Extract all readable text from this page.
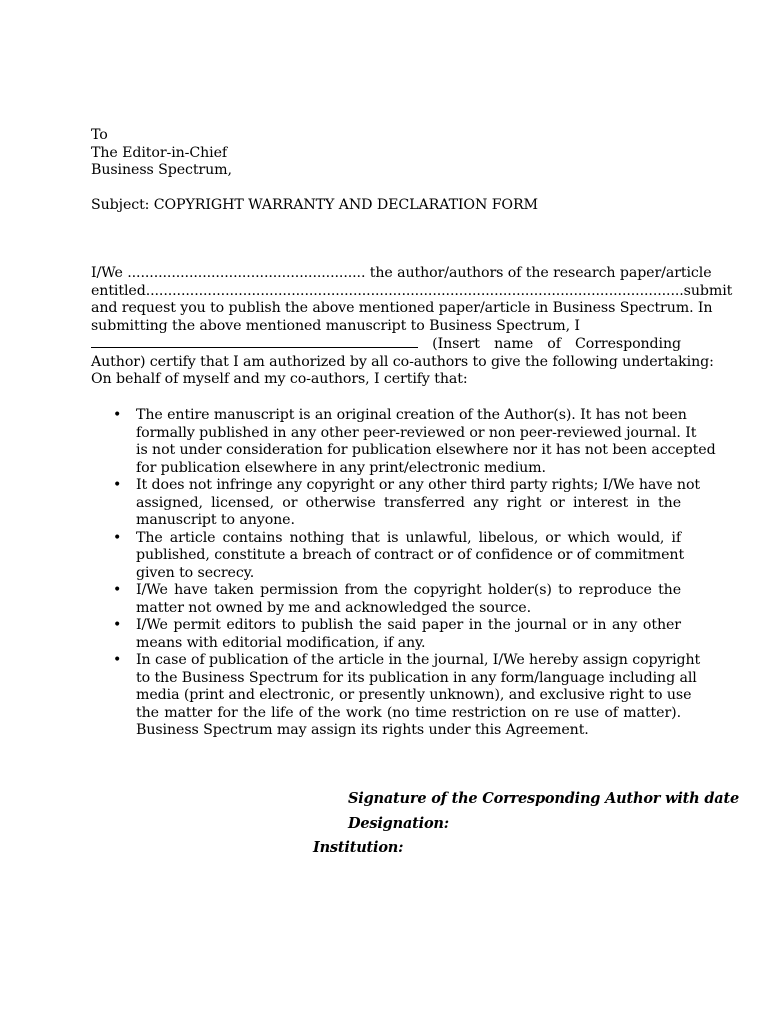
To
The Editor-in-Chief
Business Spectrum,
Subject: COPYRIGHT WARRANTY AND DECLARATION FORM
I/We ...................................................... the author/authors of the research paper/article
entitled..........................................................................................................................submit
and request you to publish the above mentioned paper/article in Business Spectrum. In
submitting the above mentioned manuscript to Business Spectrum, I
(Insert name of Corresponding
Author) certify that I am authorized by all co-authors to give the following undertaking:
On behalf of myself and my co-authors, I certify that:
• The entire manuscript is an original creation of the Author(s). It has not been
formally published in any other peer-reviewed or non peer-reviewed journal. It
is not under consideration for publication elsewhere nor it has not been accepted
for publication elsewhere in any print/electronic medium.
• It does not infringe any copyright or any other third party rights; I/We have not
assigned, licensed, or otherwise transferred any right or interest in the
manuscript to anyone.
• The article contains nothing that is unlawful, libelous, or which would, if
published, constitute a breach of contract or of confidence or of commitment
given to secrecy.
• I/We have taken permission from the copyright holder(s) to reproduce the
matter not owned by me and acknowledged the source.
• I/We permit editors to publish the said paper in the journal or in any other
means with editorial modification, if any.
• In case of publication of the article in the journal, I/We hereby assign copyright
to the Business Spectrum for its publication in any form/language including all
media (print and electronic, or presently unknown), and exclusive right to use
the matter for the life of the work (no time restriction on re use of matter).
Business Spectrum may assign its rights under this Agreement.
Signature of the Corresponding Author with date
Designation:
Institution:
